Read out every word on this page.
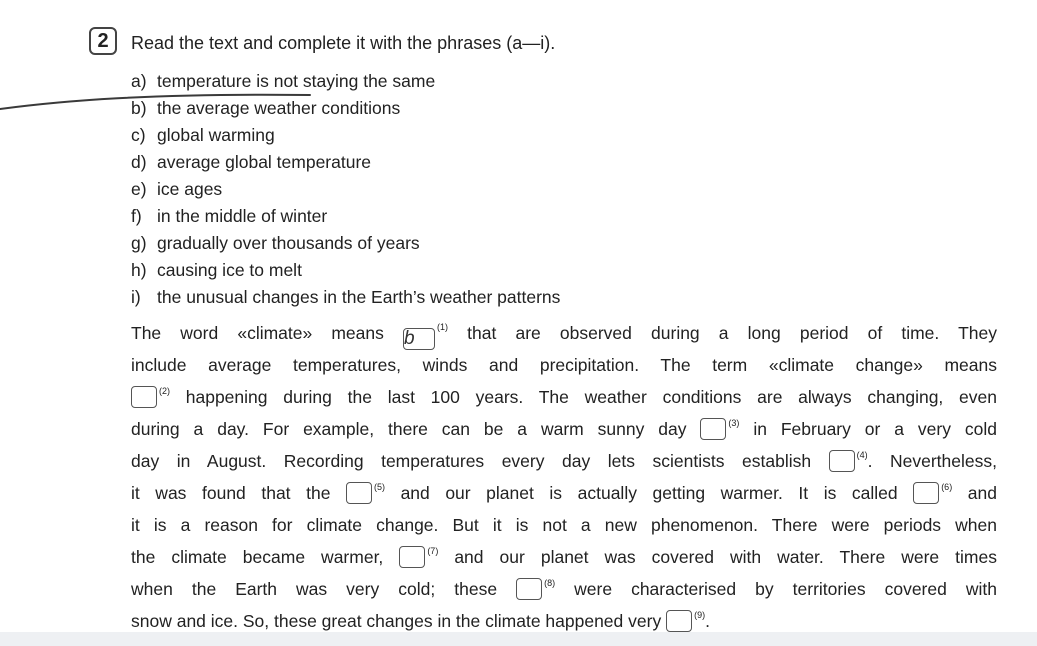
2	Read the text and complete it with the phrases (a—i).
a) temperature is not staying the same
b) the average weather conditions
c) global warming
d) average global temperature
e) ice ages
f) in the middle of winter
g) gradually over thousands of years
h) causing ice to melt
i) the unusual changes in the Earth’s weather patterns
The word «climate» means $b^{(1)}$ that are observed during a long period of time. They
include average temperatures, winds and precipitation. The term «climate change» means
$^{(2)}$ happening during the last 100 years. The weather conditions are always changing, even
during a day. For example, there can be a warm sunny day	$^{(3)}$ in February or a very cold
day in August. Recording temperatures every day lets scientists establish	$^{(4)}$. Nevertheless,
it was found that the	$^{(5)}$ and our planet is actually getting warmer. It is called	$^{(6)}$ and
it is a reason for climate change. But it is not a new phenomenon. There were periods when
the climate became warmer,	$^{(7)}$ and our planet was covered with water. There were times
when the Earth was very cold; these	$^{(8)}$ were characterised by territories covered with
snow and ice. So, these great changes in the climate happened very	$^{(9)}$.
